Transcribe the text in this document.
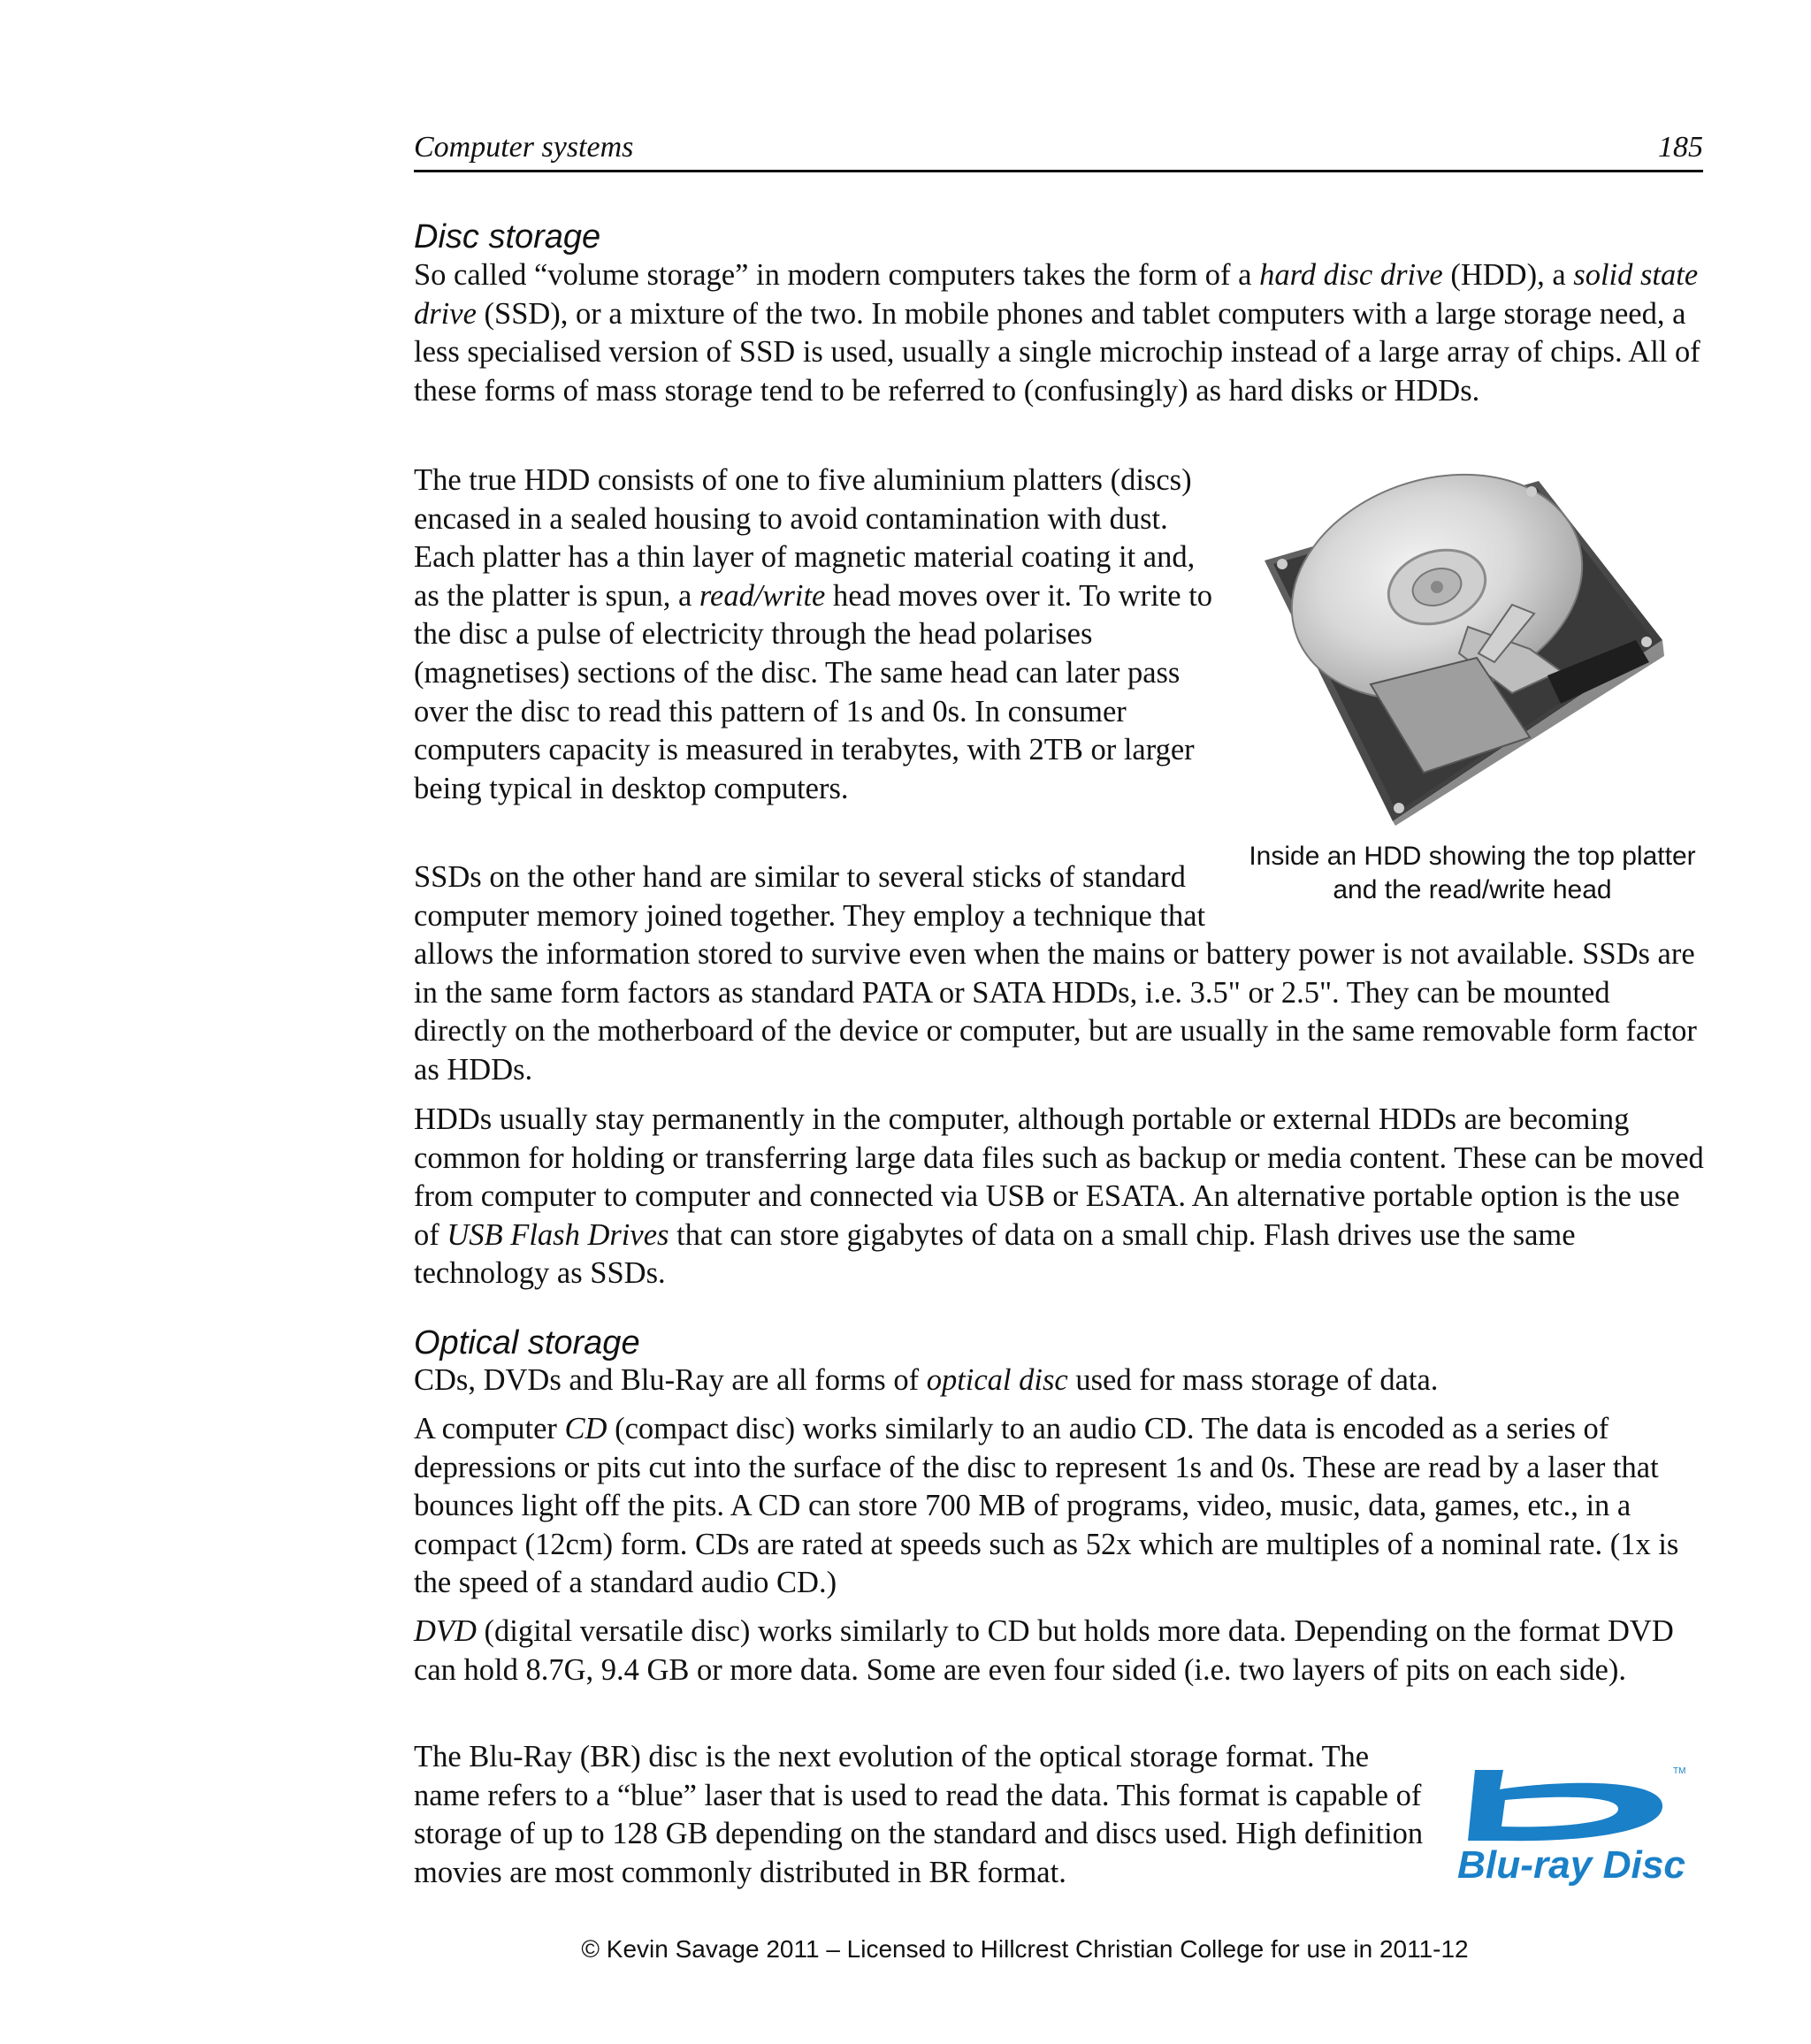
Computer systems	185
Disc storage

So called “volume storage” in modern computers takes the form of a hard disc drive (HDD), a solid state drive (SSD), or a mixture of the two. In mobile phones and tablet computers with a large storage need, a less specialised version of SSD is used, usually a single microchip instead of a large array of chips. All of these forms of mass storage tend to be referred to (confusingly) as hard disks or HDDs.

The true HDD consists of one to five aluminium platters (discs) encased in a sealed housing to avoid contamination with dust. Each platter has a thin layer of magnetic material coating it and, as the platter is spun, a read/write head moves over it. To write to the disc a pulse of electricity through the head polarises (magnetises) sections of the disc. The same head can later pass over the disc to read this pattern of 1s and 0s. In consumer computers capacity is measured in terabytes, with 2TB or larger being typical in desktop computers.

SSDs on the other hand are similar to several sticks of standard computer memory joined together. They employ a technique that allows the information stored to survive even when the mains or battery power is not available. SSDs are in the same form factors as standard PATA or SATA HDDs, i.e. 3.5" or 2.5". They can be mounted directly on the motherboard of the device or computer, but are usually in the same removable form factor as HDDs.

HDDs usually stay permanently in the computer, although portable or external HDDs are becoming common for holding or transferring large data files such as backup or media content. These can be moved from computer to computer and connected via USB or ESATA. An alternative portable option is the use of USB Flash Drives that can store gigabytes of data on a small chip. Flash drives use the same technology as SSDs.

Inside an HDD showing the top platter and the read/write head
Optical storage

CDs, DVDs and Blu-Ray are all forms of optical disc used for mass storage of data.

A computer CD (compact disc) works similarly to an audio CD. The data is encoded as a series of depressions or pits cut into the surface of the disc to represent 1s and 0s. These are read by a laser that bounces light off the pits. A CD can store 700 MB of programs, video, music, data, games, etc., in a compact (12cm) form. CDs are rated at speeds such as 52x which are multiples of a nominal rate. (1x is the speed of a standard audio CD.)

DVD (digital versatile disc) works similarly to CD but holds more data. Depending on the format DVD can hold 8.7G, 9.4 GB or more data. Some are even four sided (i.e. two layers of pits on each side).

The Blu-Ray (BR) disc is the next evolution of the optical storage format. The name refers to a “blue” laser that is used to read the data. This format is capable of storage of up to 128 GB depending on the standard and discs used. High definition movies are most commonly distributed in BR format.

TM
Blu-ray Disc
© Kevin Savage 2011 – Licensed to Hillcrest Christian College for use in 2011-12
